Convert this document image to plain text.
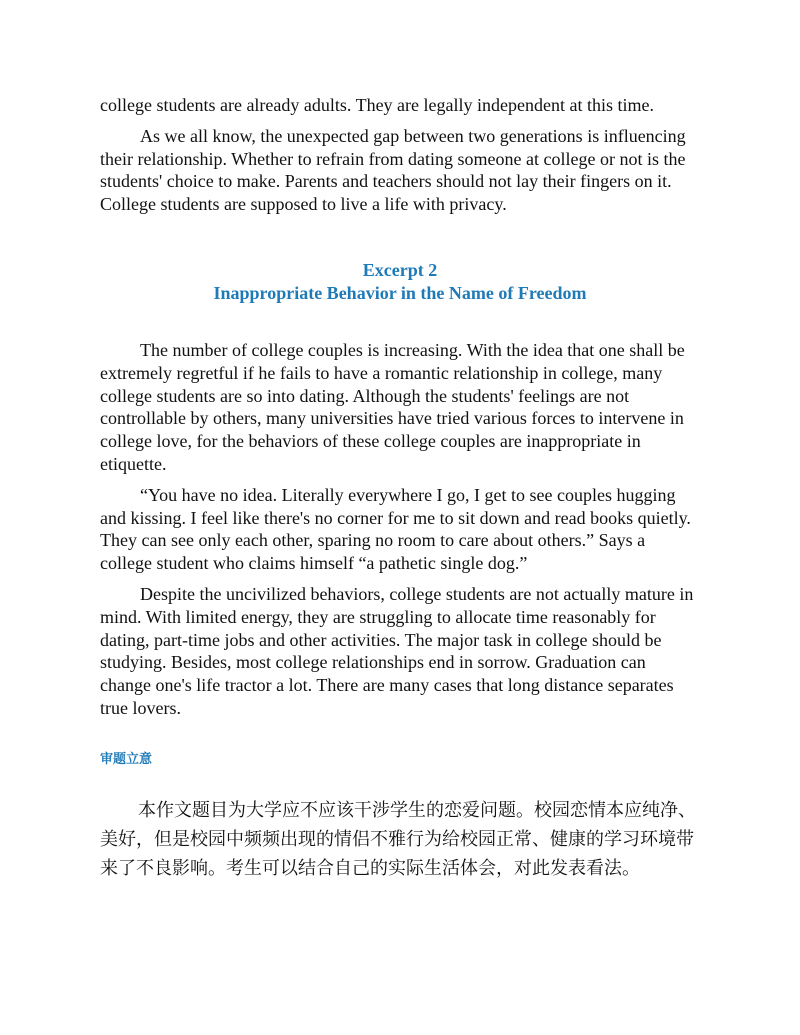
college students are already adults. They are legally independent at this time.

As we all know, the unexpected gap between two generations is influencing their relationship. Whether to refrain from dating someone at college or not is the students' choice to make. Parents and teachers should not lay their fingers on it. College students are supposed to live a life with privacy.

Excerpt 2

Inappropriate Behavior in the Name of Freedom

The number of college couples is increasing. With the idea that one shall be extremely regretful if he fails to have a romantic relationship in college, many college students are so into dating. Although the students' feelings are not controllable by others, many universities have tried various forces to intervene in college love, for the behaviors of these college couples are inappropriate in etiquette.

“You have no idea. Literally everywhere I go, I get to see couples hugging and kissing. I feel like there's no corner for me to sit down and read books quietly. They can see only each other, sparing no room to care about others.” Says a college student who claims himself “a pathetic single dog.”

Despite the uncivilized behaviors, college students are not actually mature in mind. With limited energy, they are struggling to allocate time reasonably for dating, part-time jobs and other activities. The major task in college should be studying. Besides, most college relationships end in sorrow. Graduation can change one's life tractor a lot. There are many cases that long distance separates true lovers.

审题立意

本作文题目为大学应不应该干涉学生的恋爱问题。校园恋情本应纯净、美好，但是校园中频频出现的情侣不雅行为给校园正常、健康的学习环境带来了不良影响。考生可以结合自己的实际生活体会，对此发表看法。
